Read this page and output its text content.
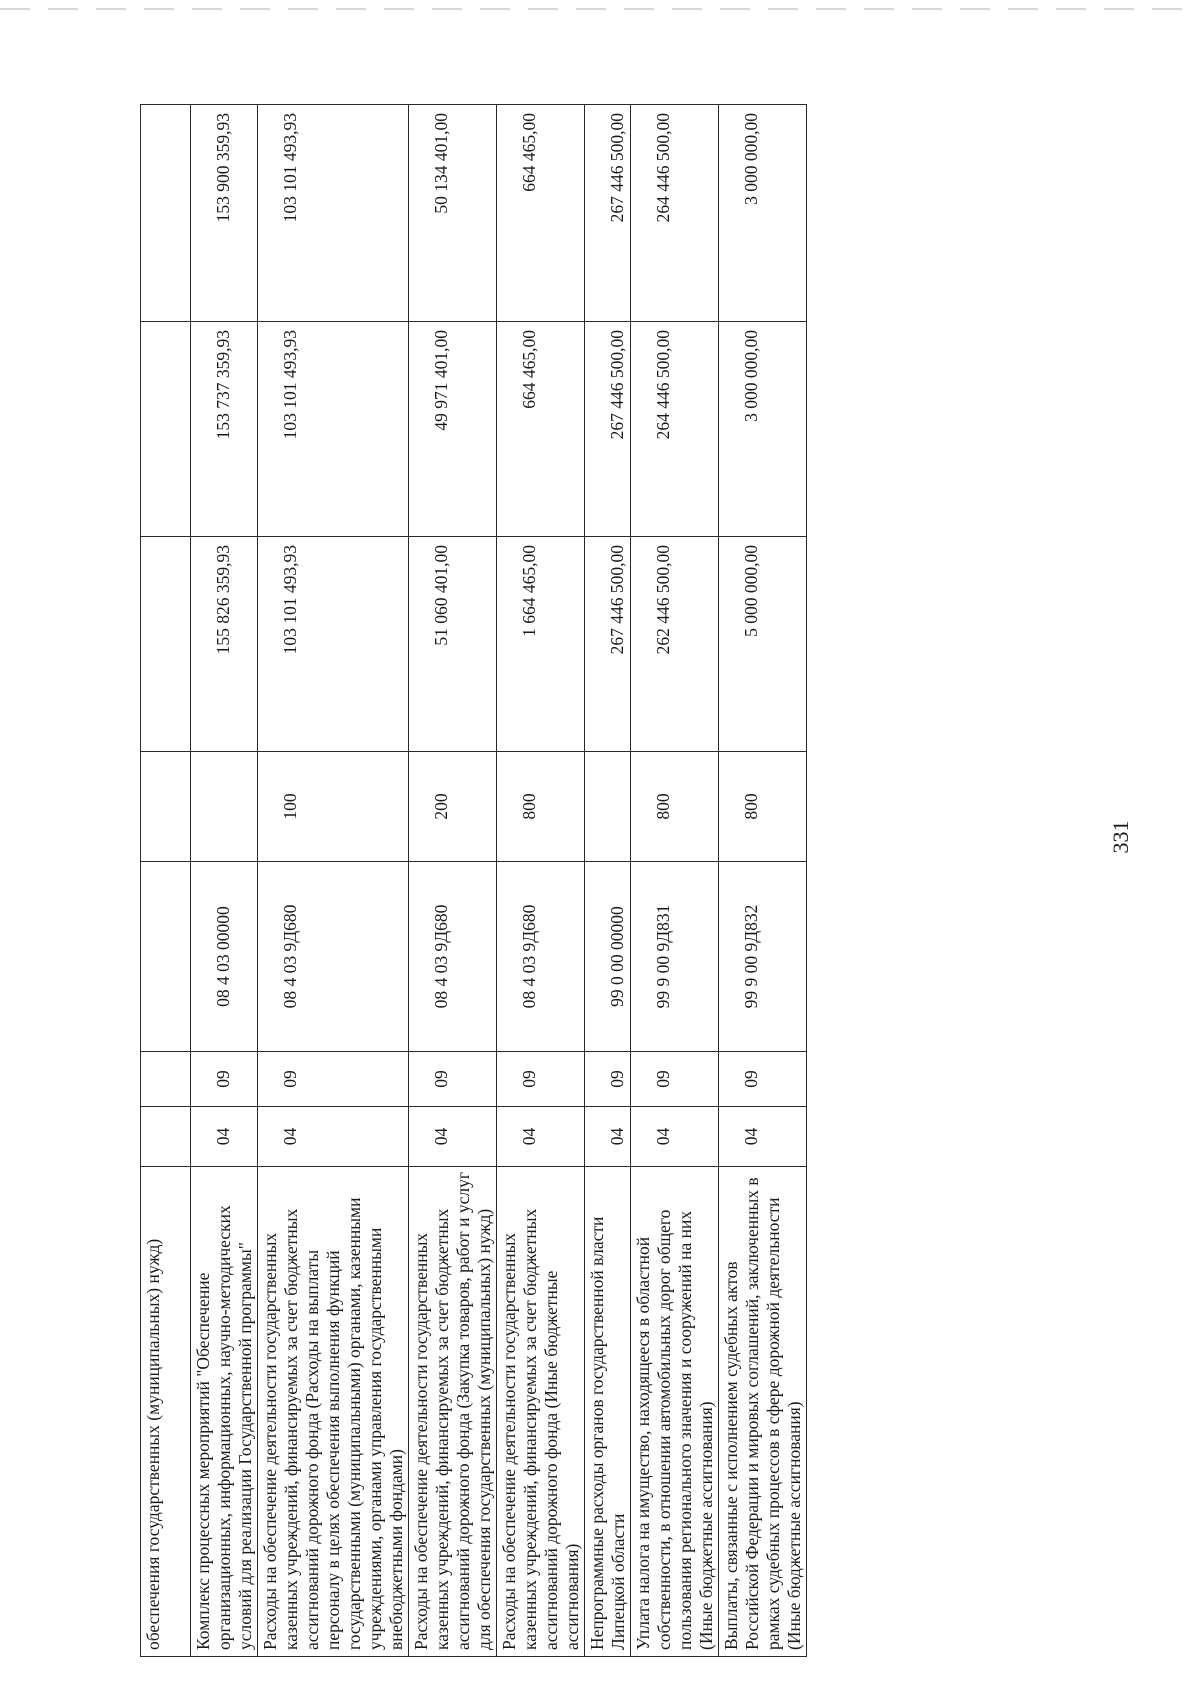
331
обеспечения государственных (муниципальных) нужд)							
Комплекс процессных мероприятий "Обеспечение организационных, информационных, научно-методических условий для реализации Государственной программы"	04	09	08 4 03 00000		155 826 359,93	153 737 359,93	153 900 359,93
Расходы на обеспечение деятельности государственных казенных учреждений, финансируемых за счет бюджетных ассигнований дорожного фонда (Расходы на выплаты персоналу в целях обеспечения выполнения функций государственными (муниципальными) органами, казенными учреждениями, органами управления государственными внебюджетными фондами)	04	09	08 4 03 9Д680	100	103 101 493,93	103 101 493,93	103 101 493,93
Расходы на обеспечение деятельности государственных казенных учреждений, финансируемых за счет бюджетных ассигнований дорожного фонда (Закупка товаров, работ и услуг для обеспечения государственных (муниципальных) нужд)	04	09	08 4 03 9Д680	200	51 060 401,00	49 971 401,00	50 134 401,00
Расходы на обеспечение деятельности государственных казенных учреждений, финансируемых за счет бюджетных ассигнований дорожного фонда (Иные бюджетные ассигнования)	04	09	08 4 03 9Д680	800	1 664 465,00	664 465,00	664 465,00
Непрограммные расходы органов государственной власти Липецкой области	04	09	99 0 00 00000		267 446 500,00	267 446 500,00	267 446 500,00
Уплата налога на имущество, находящееся в областной собственности, в отношении автомобильных дорог общего пользования регионального значения и сооружений на них (Иные бюджетные ассигнования)	04	09	99 9 00 9Д831	800	262 446 500,00	264 446 500,00	264 446 500,00
Выплаты, связанные с исполнением судебных актов Российской Федерации и мировых соглашений, заключенных в рамках судебных процессов в сфере дорожной деятельности (Иные бюджетные ассигнования)	04	09	99 9 00 9Д832	800	5 000 000,00	3 000 000,00	3 000 000,00
